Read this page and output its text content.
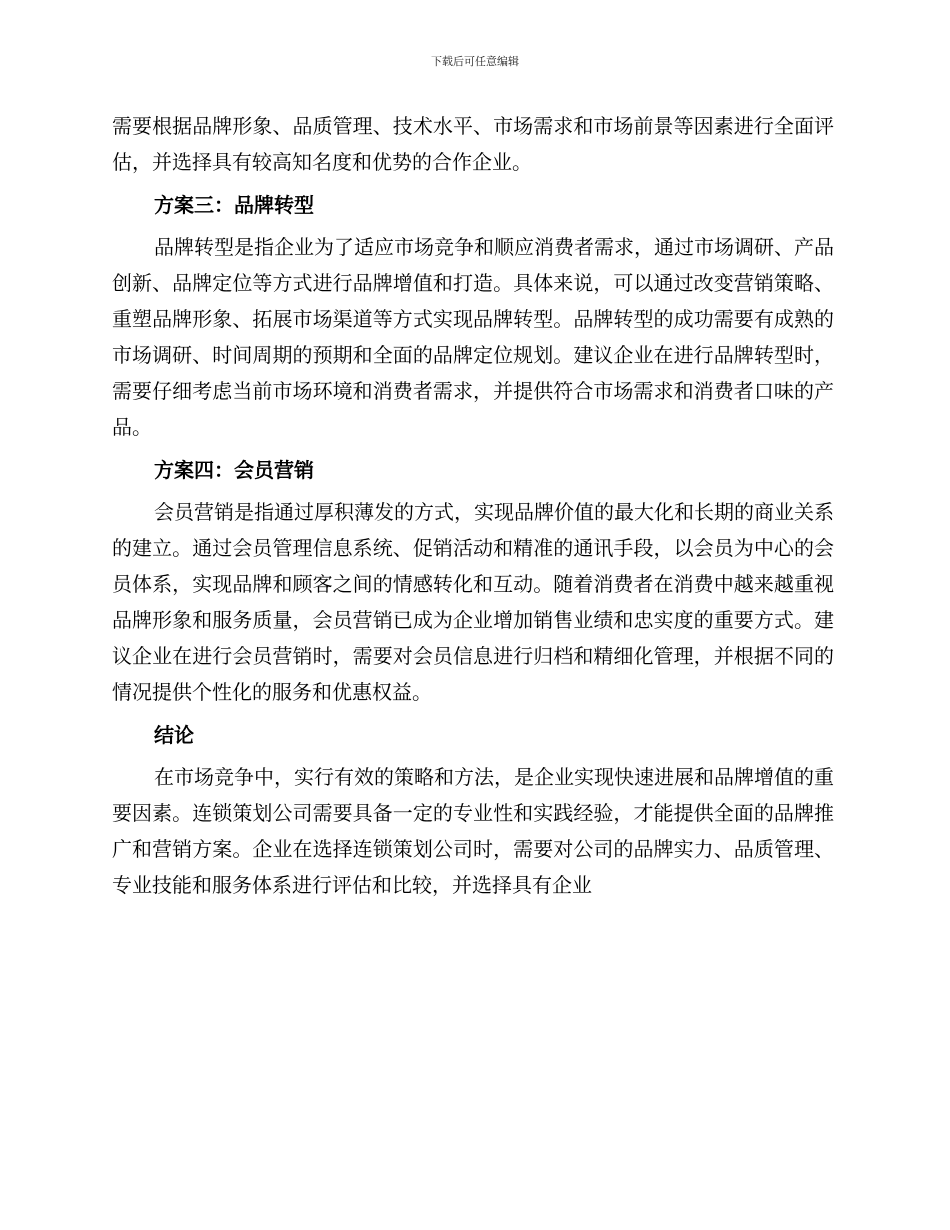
下载后可任意编辑

需要根据品牌形象、品质管理、技术水平、市场需求和市场前景等因素进行全面评估，并选择具有较高知名度和优势的合作企业。

方案三：品牌转型

品牌转型是指企业为了适应市场竞争和顺应消费者需求，通过市场调研、产品创新、品牌定位等方式进行品牌增值和打造。具体来说，可以通过改变营销策略、重塑品牌形象、拓展市场渠道等方式实现品牌转型。品牌转型的成功需要有成熟的市场调研、时间周期的预期和全面的品牌定位规划。建议企业在进行品牌转型时，需要仔细考虑当前市场环境和消费者需求，并提供符合市场需求和消费者口味的产品。

方案四：会员营销

会员营销是指通过厚积薄发的方式，实现品牌价值的最大化和长期的商业关系的建立。通过会员管理信息系统、促销活动和精准的通讯手段，以会员为中心的会员体系，实现品牌和顾客之间的情感转化和互动。随着消费者在消费中越来越重视品牌形象和服务质量，会员营销已成为企业增加销售业绩和忠实度的重要方式。建议企业在进行会员营销时，需要对会员信息进行归档和精细化管理，并根据不同的情况提供个性化的服务和优惠权益。

结论

在市场竞争中，实行有效的策略和方法，是企业实现快速进展和品牌增值的重要因素。连锁策划公司需要具备一定的专业性和实践经验，才能提供全面的品牌推广和营销方案。企业在选择连锁策划公司时，需要对公司的品牌实力、品质管理、专业技能和服务体系进行评估和比较，并选择具有企业
